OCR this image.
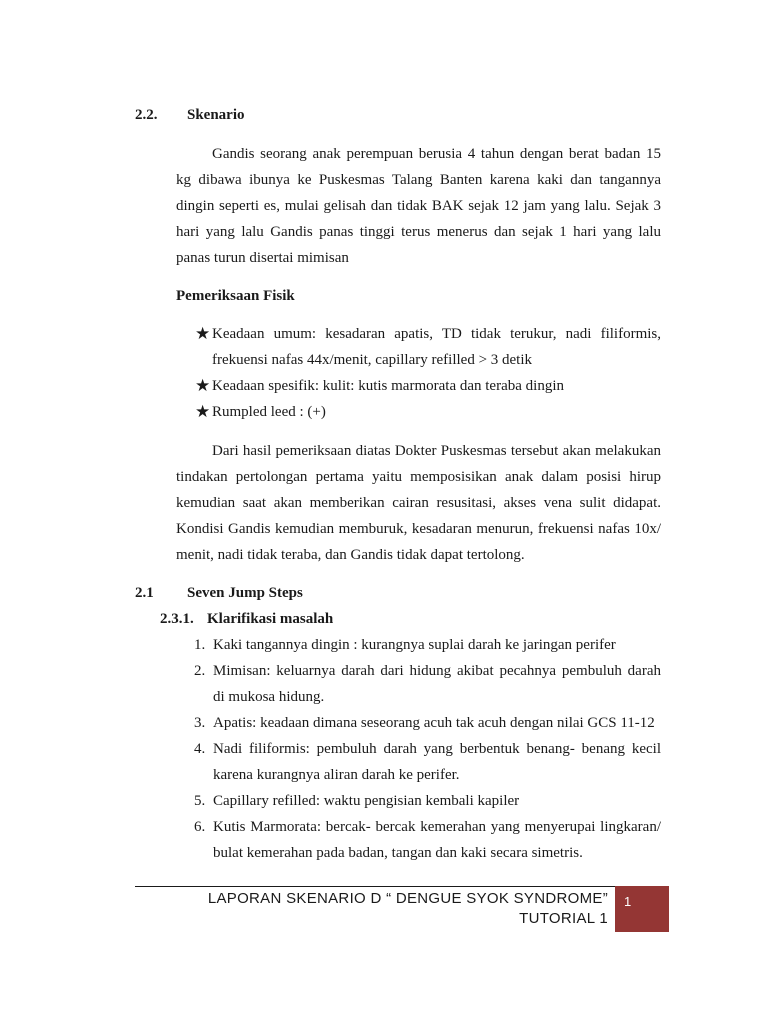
2.2. Skenario
Gandis seorang anak perempuan berusia 4 tahun dengan berat badan 15
kg dibawa ibunya ke Puskesmas Talang Banten karena kaki dan tangannya
dingin seperti es, mulai gelisah dan tidak BAK sejak 12 jam yang lalu. Sejak 3
hari yang lalu Gandis panas tinggi terus menerus dan sejak 1 hari yang lalu
panas turun disertai mimisan
Pemeriksaan Fisik
★ Keadaan umum: kesadaran apatis, TD tidak terukur, nadi filiformis,
frekuensi nafas 44x/menit, capillary refilled > 3 detik
★ Keadaan spesifik: kulit: kutis marmorata dan teraba dingin
★ Rumpled leed : (+)
Dari hasil pemeriksaan diatas Dokter Puskesmas tersebut akan melakukan
tindakan pertolongan pertama yaitu memposisikan anak dalam posisi hirup
kemudian saat akan memberikan cairan resusitasi, akses vena sulit didapat.
Kondisi Gandis kemudian memburuk, kesadaran menurun, frekuensi nafas 10x/
menit, nadi tidak teraba, dan Gandis tidak dapat tertolong.
2.1 Seven Jump Steps
2.3.1. Klarifikasi masalah
1. Kaki tangannya dingin : kurangnya suplai darah ke jaringan perifer
2. Mimisan: keluarnya darah dari hidung akibat pecahnya pembuluh darah
di mukosa hidung.
3. Apatis: keadaan dimana seseorang acuh tak acuh dengan nilai GCS 11-12
4. Nadi filiformis: pembuluh darah yang berbentuk benang- benang kecil
karena kurangnya aliran darah ke perifer.
5. Capillary refilled: waktu pengisian kembali kapiler
6. Kutis Marmorata: bercak- bercak kemerahan yang menyerupai lingkaran/
bulat kemerahan pada badan, tangan dan kaki secara simetris.
LAPORAN SKENARIO D “ DENGUE SYOK SYNDROME”
TUTORIAL 1
1
